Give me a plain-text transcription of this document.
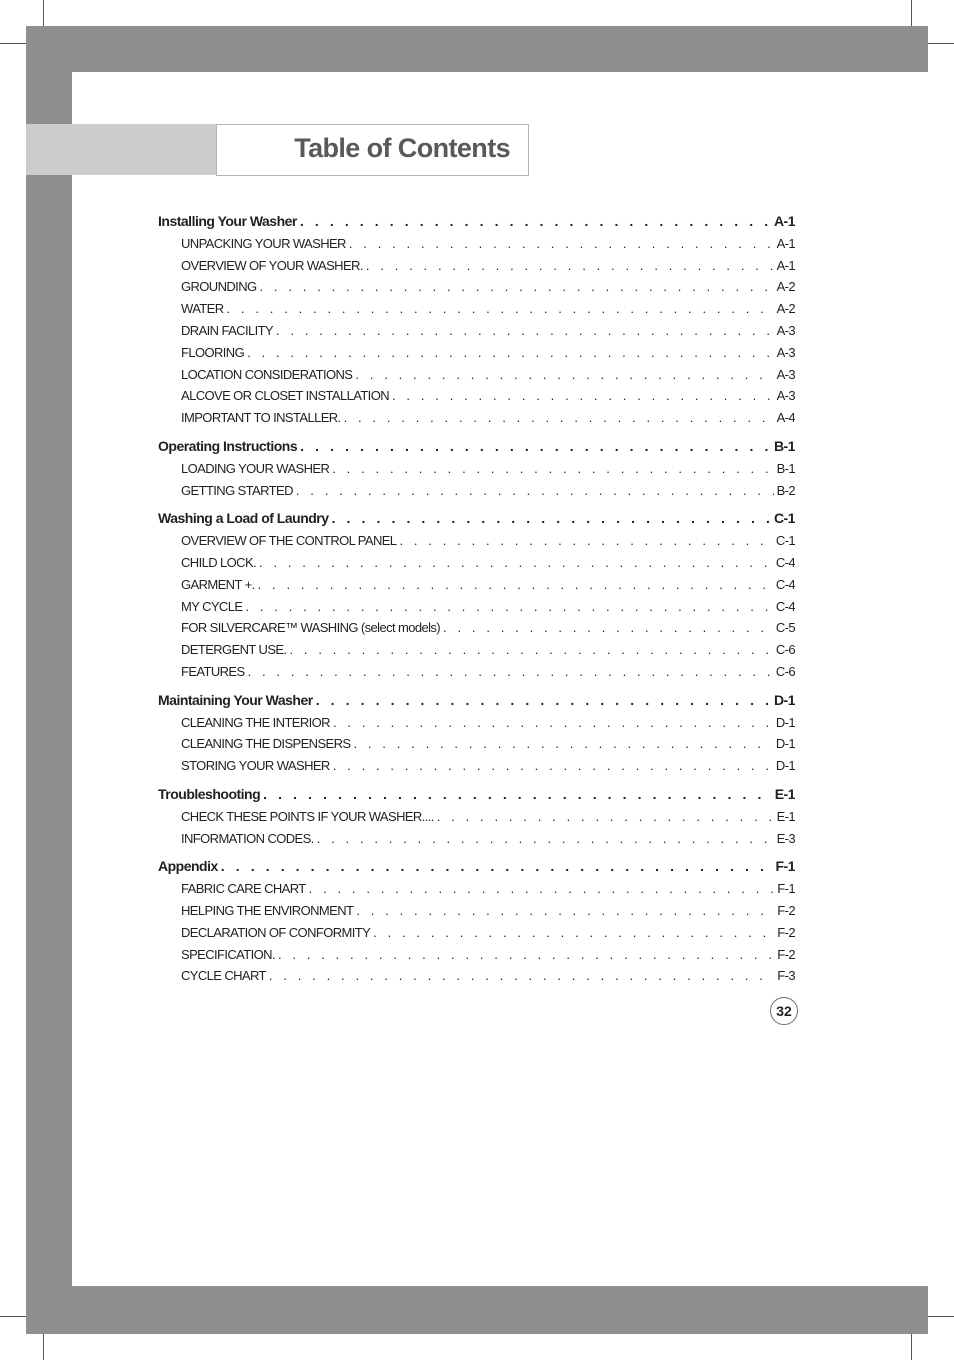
Table of Contents
Installing Your Washer . . .	A-1
UNPACKING YOUR WASHER . . .	A-1
OVERVIEW OF YOUR WASHER. . . .	A-1
GROUNDING . . .	A-2
WATER . . .	A-2
DRAIN FACILITY . . .	A-3
FLOORING . . .	A-3
LOCATION CONSIDERATIONS . . .	A-3
ALCOVE OR CLOSET INSTALLATION . . .	A-3
IMPORTANT TO INSTALLER. . . .	A-4
Operating Instructions . . .	B-1
LOADING YOUR WASHER . . .	B-1
GETTING STARTED . . .	B-2
Washing a Load of Laundry . . .	C-1
OVERVIEW OF THE CONTROL PANEL . . .	C-1
CHILD LOCK. . . .	C-4
GARMENT +. . . .	C-4
MY CYCLE . . .	C-4
FOR SILVERCARE™ WASHING (select models) . . .	C-5
DETERGENT USE. . . .	C-6
FEATURES . . .	C-6
Maintaining Your Washer . . .	D-1
CLEANING THE INTERIOR . . .	D-1
CLEANING THE DISPENSERS . . .	D-1
STORING YOUR WASHER . . .	D-1
Troubleshooting . . .	E-1
CHECK THESE POINTS IF YOUR WASHER.... . . .	E-1
INFORMATION CODES. . . .	E-3
Appendix . . .	F-1
FABRIC CARE CHART . . .	F-1
HELPING THE ENVIRONMENT . . .	F-2
DECLARATION OF CONFORMITY . . .	F-2
SPECIFICATION. . . .	F-2
CYCLE CHART . . .	F-3
32
